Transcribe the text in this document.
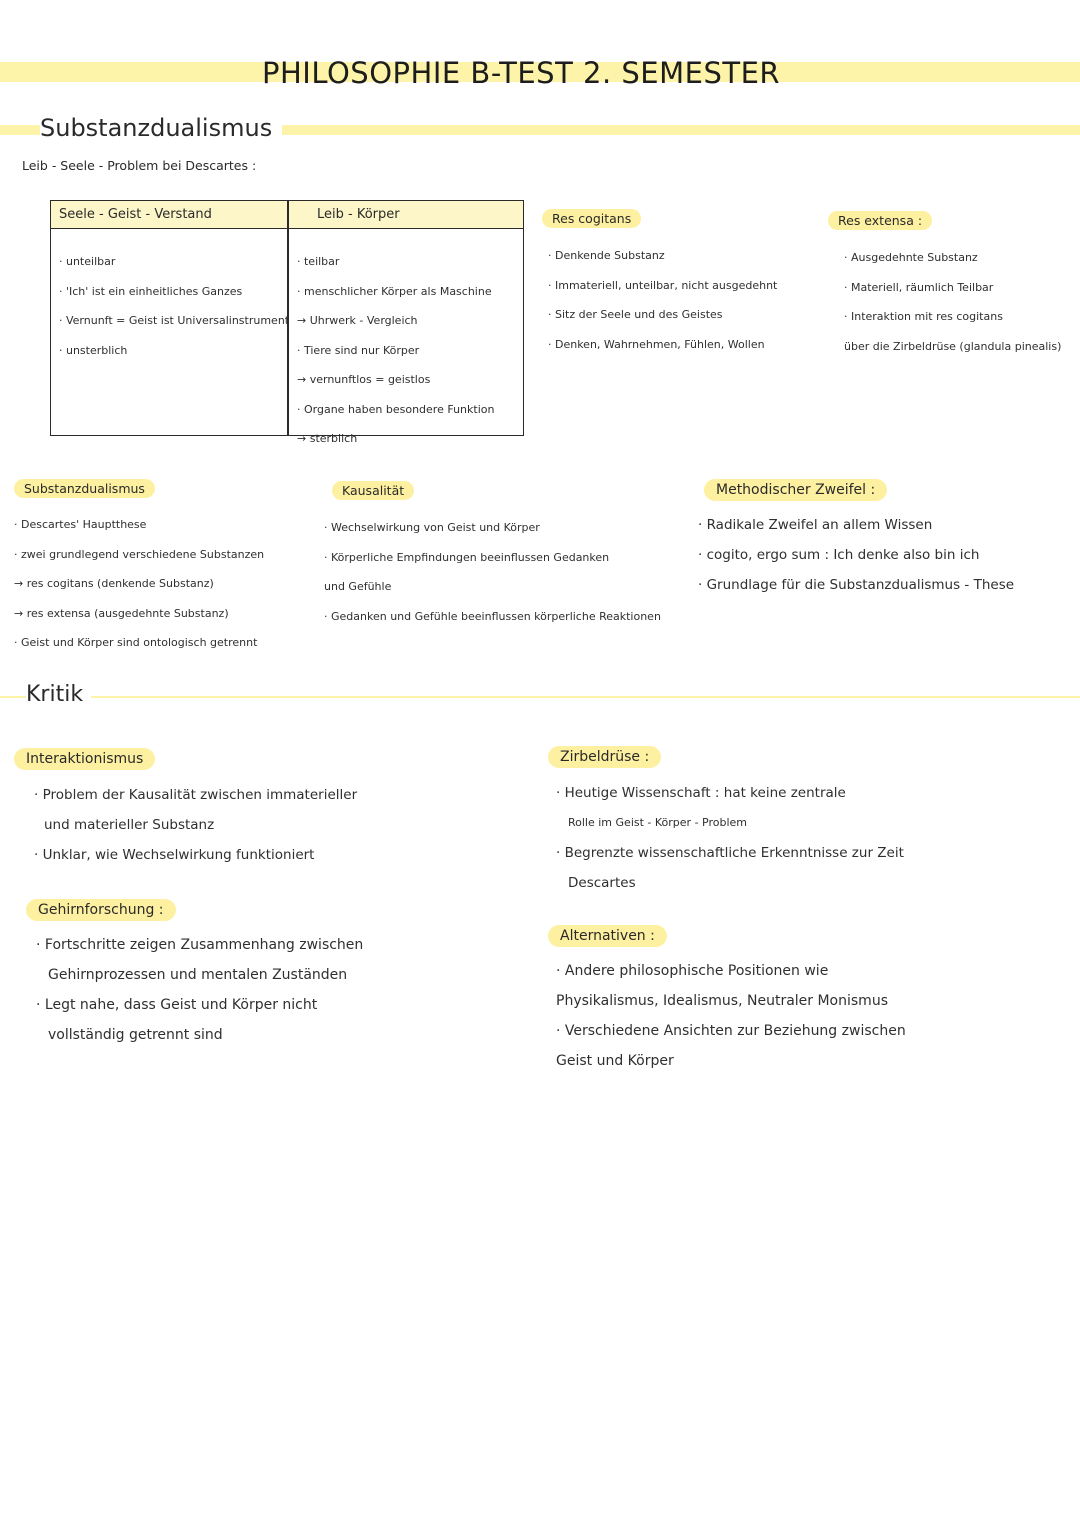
PHILOSOPHIE B-TEST 2. SEMESTER
Substanzdualismus
Leib - Seele - Problem bei Descartes :
Seele - Geist - Verstand	Leib - Körper
· unteilbar
· 'Ich' ist ein einheitliches Ganzes
· Vernunft = Geist ist Universalinstrument
· unsterblich
· teilbar
· menschlicher Körper als Maschine
→ Uhrwerk - Vergleich
· Tiere sind nur Körper
→ vernunftlos = geistlos
· Organe haben besondere Funktion
→ sterblich
Res cogitans
· Denkende Substanz
· Immateriell, unteilbar, nicht ausgedehnt
· Sitz der Seele und des Geistes
· Denken, Wahrnehmen, Fühlen, Wollen
Res extensa :
· Ausgedehnte Substanz
· Materiell, räumlich Teilbar
· Interaktion mit res cogitans
über die Zirbeldrüse (glandula pinealis)
Substanzdualismus
· Descartes' Hauptthese
· zwei grundlegend verschiedene Substanzen
→ res cogitans (denkende Substanz)
→ res extensa (ausgedehnte Substanz)
· Geist und Körper sind ontologisch getrennt
Kausalität
· Wechselwirkung von Geist und Körper
· Körperliche Empfindungen beeinflussen Gedanken
und Gefühle
· Gedanken und Gefühle beeinflussen körperliche Reaktionen
Methodischer Zweifel :
· Radikale Zweifel an allem Wissen
· cogito, ergo sum : Ich denke also bin ich
· Grundlage für die Substanzdualismus - These
Kritik
Interaktionismus
· Problem der Kausalität zwischen immaterieller
und materieller Substanz
· Unklar, wie Wechselwirkung funktioniert
Zirbeldrüse :
· Heutige Wissenschaft : hat keine zentrale
Rolle im Geist - Körper - Problem
· Begrenzte wissenschaftliche Erkenntnisse zur Zeit
Descartes
Gehirnforschung :
· Fortschritte zeigen Zusammenhang zwischen
Gehirnprozessen und mentalen Zuständen
· Legt nahe, dass Geist und Körper nicht
vollständig getrennt sind
Alternativen :
· Andere philosophische Positionen wie
Physikalismus, Idealismus, Neutraler Monismus
· Verschiedene Ansichten zur Beziehung zwischen
Geist und Körper
